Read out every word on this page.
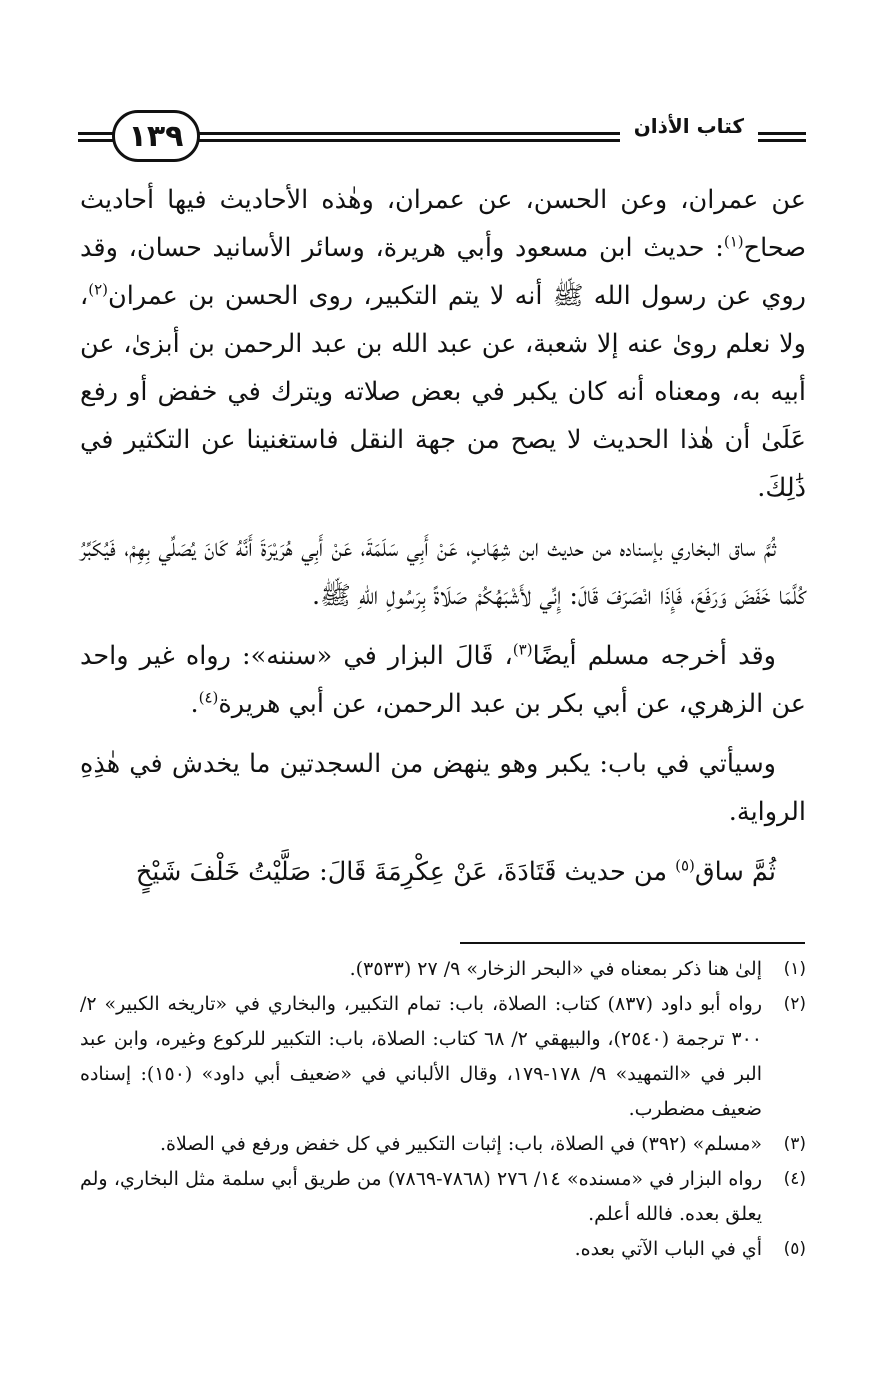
١٣٩	كتاب الأذان

عن عمران، وعن الحسن، عن عمران، وهٰذه الأحاديث فيها أحاديث صحاح$^{(١)}$: حديث ابن مسعود وأبي هريرة، وسائر الأسانيد حسان، وقد روي عن رسول الله ﷺ أنه لا يتم التكبير، روى الحسن بن عمران$^{(٢)}$، ولا نعلم روىٰ عنه إلا شعبة، عن عبد الله بن عبد الرحمن بن أبزىٰ، عن أبيه به، ومعناه أنه كان يكبر في بعض صلاته ويترك في خفض أو رفع عَلَىٰ أن هٰذا الحديث لا يصح من جهة النقل فاستغنينا عن التكثير في ذَٰلِكَ.

ثُمَّ ساق البخاري بإسناده من حديث ابن شِهَابٍ، عَنْ أَبِي سَلَمَةَ، عَنْ أَبِي هُرَيْرَةَ أَنَّهُ كَانَ يُصَلِّي بِهِمْ، فَيُكَبِّرُ كُلَّمَا خَفَضَ وَرَفَعَ، فَإِذَا انْصَرَفَ قَالَ: إِنِّي لأَشْبَهُكُمْ صَلَاةً بِرَسُولِ اللهِ ﷺ.

وقد أخرجه مسلم أيضًا$^{(٣)}$، قَالَ البزار في «سننه»: رواه غير واحد عن الزهري، عن أبي بكر بن عبد الرحمن، عن أبي هريرة$^{(٤)}$.

وسيأتي في باب: يكبر وهو ينهض من السجدتين ما يخدش في هٰذِهِ الرواية.

ثُمَّ ساق$^{(٥)}$ من حديث قَتَادَةَ، عَنْ عِكْرِمَةَ قَالَ: صَلَّيْتُ خَلْفَ شَيْخٍ

(١)
إلىٰ هنا ذكر بمعناه في «البحر الزخار» ٩/ ٢٧ (٣٥٣٣).
(٢)
رواه أبو داود (٨٣٧) كتاب: الصلاة، باب: تمام التكبير، والبخاري في «تاريخه الكبير» ٢/ ٣٠٠ ترجمة (٢٥٤٠)، والبيهقي ٢/ ٦٨ كتاب: الصلاة، باب: التكبير للركوع وغيره، وابن عبد البر في «التمهيد» ٩/ ١٧٨-١٧٩، وقال الألباني في «ضعيف أبي داود» (١٥٠): إسناده ضعيف مضطرب.
(٣)
«مسلم» (٣٩٢) في الصلاة، باب: إثبات التكبير في كل خفض ورفع في الصلاة.
(٤)
رواه البزار في «مسنده» ١٤/ ٢٧٦ (٧٨٦٨-٧٨٦٩) من طريق أبي سلمة مثل البخاري، ولم يعلق بعده. فالله أعلم.
(٥)
أي في الباب الآتي بعده.
